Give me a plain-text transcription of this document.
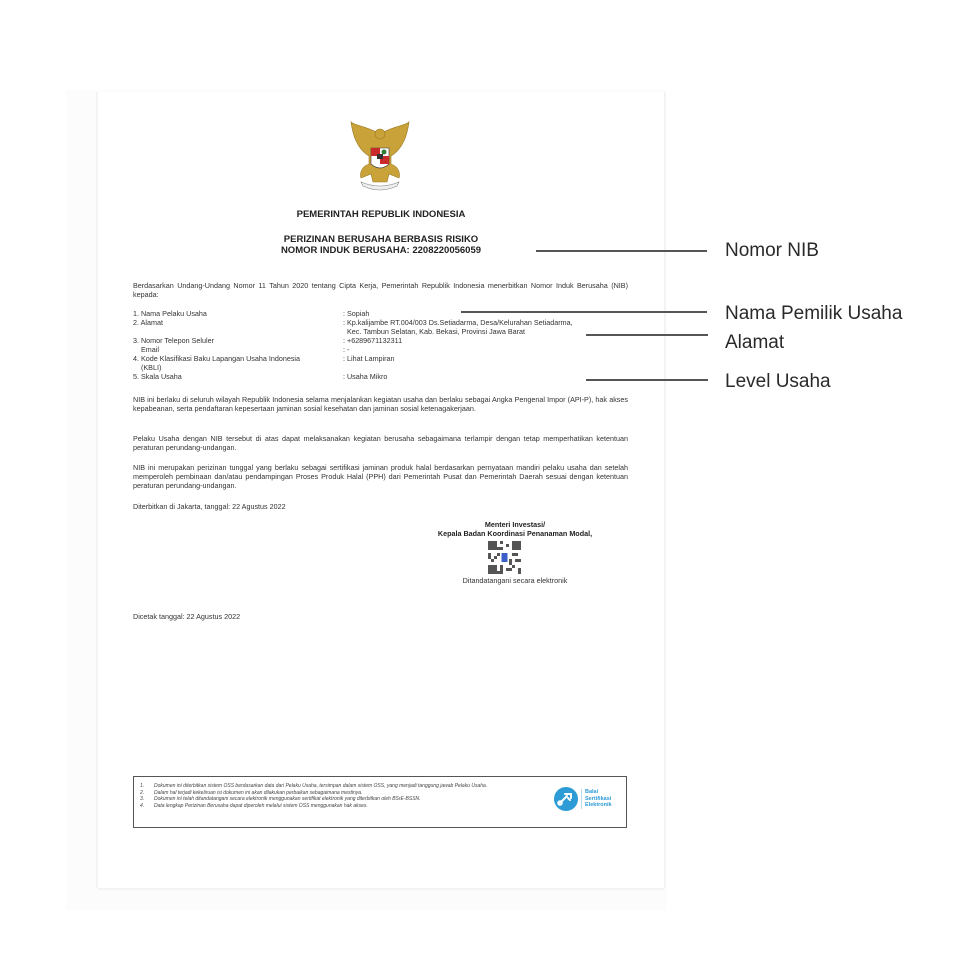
PEMERINTAH REPUBLIK INDONESIA
PERIZINAN BERUSAHA BERBASIS RISIKO
NOMOR INDUK BERUSAHA: 2208220056059
Berdasarkan Undang-Undang Nomor 11 Tahun 2020 tentang Cipta Kerja, Pemerintah Republik Indonesia menerbitkan Nomor Induk Berusaha (NIB) kepada:
1. Nama Pelaku Usaha	: Sopiah
2. Alamat	: Kp.kalijambe RT.004/003 Ds.Setiadarma, Desa/Kelurahan Setiadarma,
Kec. Tambun Selatan, Kab. Bekasi, Provinsi Jawa Barat
3. Nomor Telepon Seluler	: +6289671132311
Email	: -
4. Kode Klasifikasi Baku Lapangan Usaha Indonesia	: Lihat Lampiran
(KBLI)
5. Skala Usaha	: Usaha Mikro
NIB ini berlaku di seluruh wilayah Republik Indonesia selama menjalankan kegiatan usaha dan berlaku sebagai Angka Pengenal Impor (API-P), hak akses kepabeanan, serta pendaftaran kepesertaan jaminan sosial kesehatan dan jaminan sosial ketenagakerjaan.
Pelaku Usaha dengan NIB tersebut di atas dapat melaksanakan kegiatan berusaha sebagaimana terlampir dengan tetap memperhatikan ketentuan peraturan perundang-undangan.
NIB ini merupakan perizinan tunggal yang berlaku sebagai sertifikasi jaminan produk halal berdasarkan pernyataan mandiri pelaku usaha dan setelah memperoleh pembinaan dan/atau pendampingan Proses Produk Halal (PPH) dari Pemerintah Pusat dan Pemerintah Daerah sesuai dengan ketentuan peraturan perundang-undangan.
Diterbitkan di Jakarta, tanggal: 22 Agustus 2022
Menteri Investasi/
Kepala Badan Koordinasi Penanaman Modal,
Ditandatangani secara elektronik
Dicetak tanggal: 22 Agustus 2022
1.	Dokumen ini diterbitkan sistem OSS berdasarkan data dari Pelaku Usaha, tersimpan dalam sistem OSS, yang menjadi tanggung jawab Pelaku Usaha.
2.	Dalam hal terjadi kekeliruan isi dokumen ini akan dilakukan perbaikan sebagaimana mestinya.
3.	Dokumen ini telah ditandatangani secara elektronik menggunakan sertifikat elektronik yang diterbitkan oleh BSrE-BSSN.
4.	Data lengkap Perizinan Berusaha dapat diperoleh melalui sistem OSS menggunakan hak akses.
Balai
Sertifikasi
Elektronik
Nomor NIB
Nama Pemilik Usaha
Alamat
Level Usaha
